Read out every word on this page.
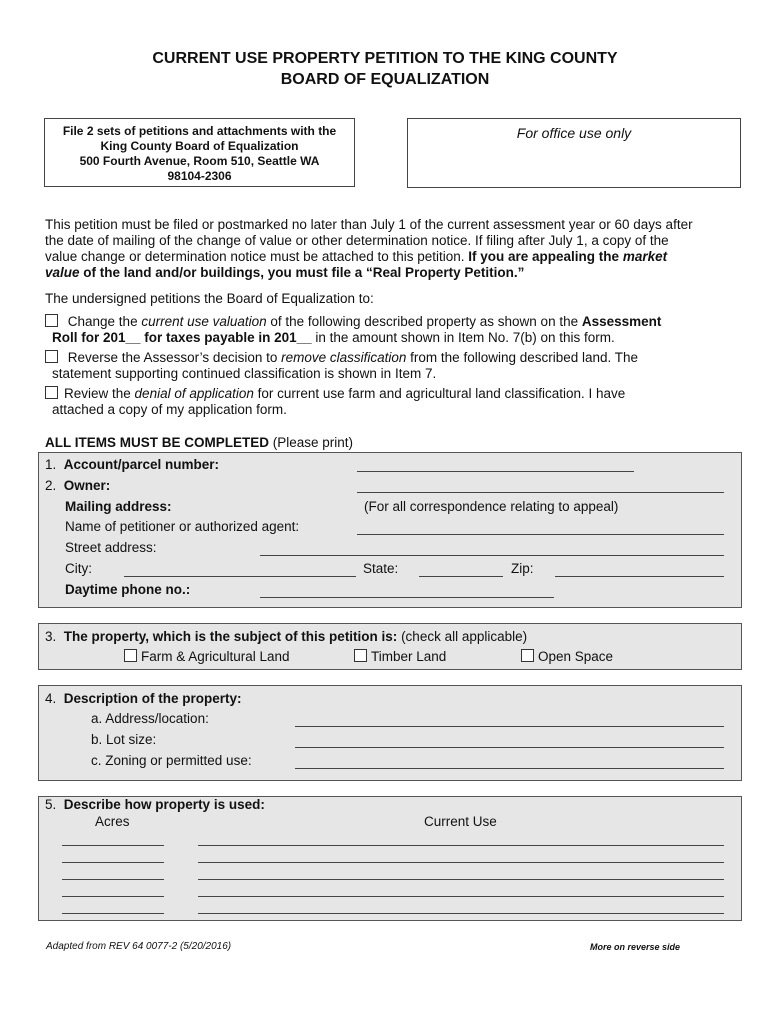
CURRENT USE PROPERTY PETITION TO THE KING COUNTY
BOARD OF EQUALIZATION
File 2 sets of petitions and attachments with the
King County Board of Equalization
500 Fourth Avenue, Room 510, Seattle WA
98104-2306
For office use only
This petition must be filed or postmarked no later than July 1 of the current assessment year or 60 days after
the date of mailing of the change of value or other determination notice. If filing after July 1, a copy of the
value change or determination notice must be attached to this petition. If you are appealing the market
value of the land and/or buildings, you must file a “Real Property Petition.”
The undersigned petitions the Board of Equalization to:
Change the current use valuation of the following described property as shown on the Assessment
Roll for 201__ for taxes payable in 201__ in the amount shown in Item No. 7(b) on this form.
Reverse the Assessor’s decision to remove classification from the following described land. The
statement supporting continued classification is shown in Item 7.
Review the denial of application for current use farm and agricultural land classification. I have
attached a copy of my application form.
ALL ITEMS MUST BE COMPLETED (Please print)
1. Account/parcel number:
2. Owner:
Mailing address:	(For all correspondence relating to appeal)
Name of petitioner or authorized agent:
Street address:
City:	State:	Zip:
Daytime phone no.:
3. The property, which is the subject of this petition is: (check all applicable)
Farm & Agricultural Land	Timber Land	Open Space
4. Description of the property:
a. Address/location:
b. Lot size:
c. Zoning or permitted use:
5. Describe how property is used:
Acres	Current Use
Adapted from REV 64 0077-2 (5/20/2016)	More on reverse side
